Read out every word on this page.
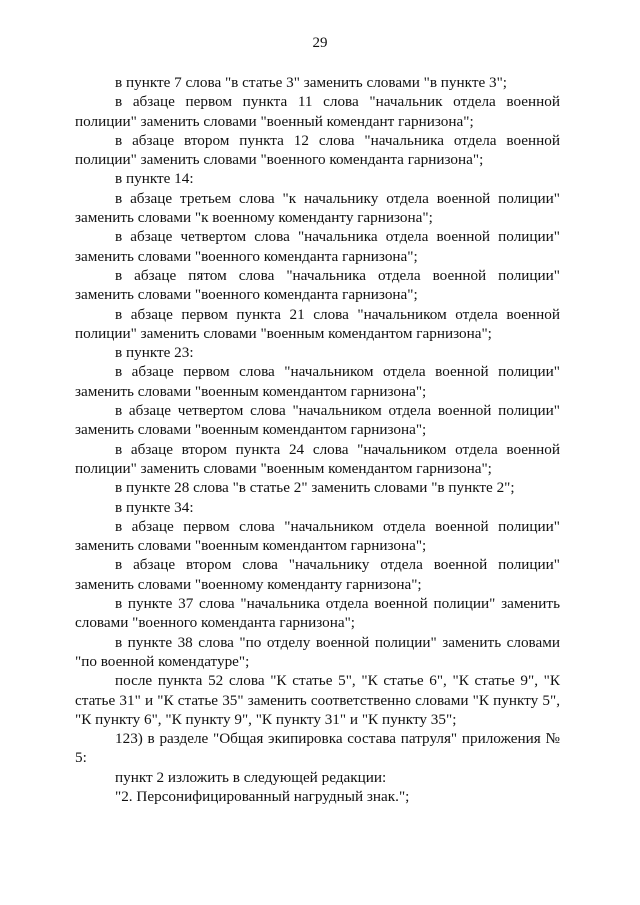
29

в пункте 7 слова "в статье 3" заменить словами "в пункте 3";

в абзаце первом пункта 11 слова "начальник отдела военной полиции" заменить словами "военный комендант гарнизона";

в абзаце втором пункта 12 слова "начальника отдела военной полиции" заменить словами "военного коменданта гарнизона";

в пункте 14:

в абзаце третьем слова "к начальнику отдела военной полиции" заменить словами "к военному коменданту гарнизона";

в абзаце четвертом слова "начальника отдела военной полиции" заменить словами "военного коменданта гарнизона";

в абзаце пятом слова "начальника отдела военной полиции" заменить словами "военного коменданта гарнизона";

в абзаце первом пункта 21 слова "начальником отдела военной полиции" заменить словами "военным комендантом гарнизона";

в пункте 23:

в абзаце первом слова "начальником отдела военной полиции" заменить словами "военным комендантом гарнизона";

в абзаце четвертом слова "начальником отдела военной полиции" заменить словами "военным комендантом гарнизона";

в абзаце втором пункта 24 слова "начальником отдела военной полиции" заменить словами "военным комендантом гарнизона";

в пункте 28 слова "в статье 2" заменить словами "в пункте 2";

в пункте 34:

в абзаце первом слова "начальником отдела военной полиции" заменить словами "военным комендантом гарнизона";

в абзаце втором слова "начальнику отдела военной полиции" заменить словами "военному коменданту гарнизона";

в пункте 37 слова "начальника отдела военной полиции" заменить словами "военного коменданта гарнизона";

в пункте 38 слова "по отделу военной полиции" заменить словами "по военной комендатуре";

после пункта 52 слова "К статье 5", "К статье 6", "К статье 9", "К статье 31" и "К статье 35" заменить соответственно словами "К пункту 5", "К пункту 6", "К пункту 9", "К пункту 31" и "К пункту 35";

123) в разделе "Общая экипировка состава патруля" приложения № 5:

пункт 2 изложить в следующей редакции:

"2. Персонифицированный нагрудный знак.";
